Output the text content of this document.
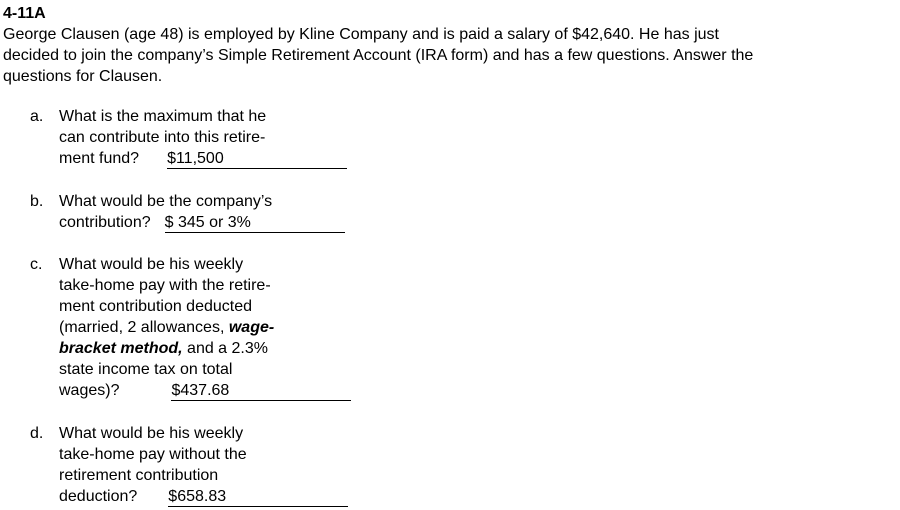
4-11A

George Clausen (age 48) is employed by Kline Company and is paid a salary of $42,640. He has just decided to join the company’s Simple Retirement Account (IRA form) and has a few questions. Answer the questions for Clausen.

a. What is the maximum that he
can contribute into this retire-
ment fund? $11,500
b. What would be the company’s
contribution? $ 345 or 3%
c.	What would be his weekly
take-home pay with the retire-
ment contribution deducted
(married, 2 allowances, wage-
bracket method, and a 2.3%
state income tax on total
wages)?	$437.68
d. What would be his weekly
take-home pay without the
retirement contribution
deduction? $658.83
